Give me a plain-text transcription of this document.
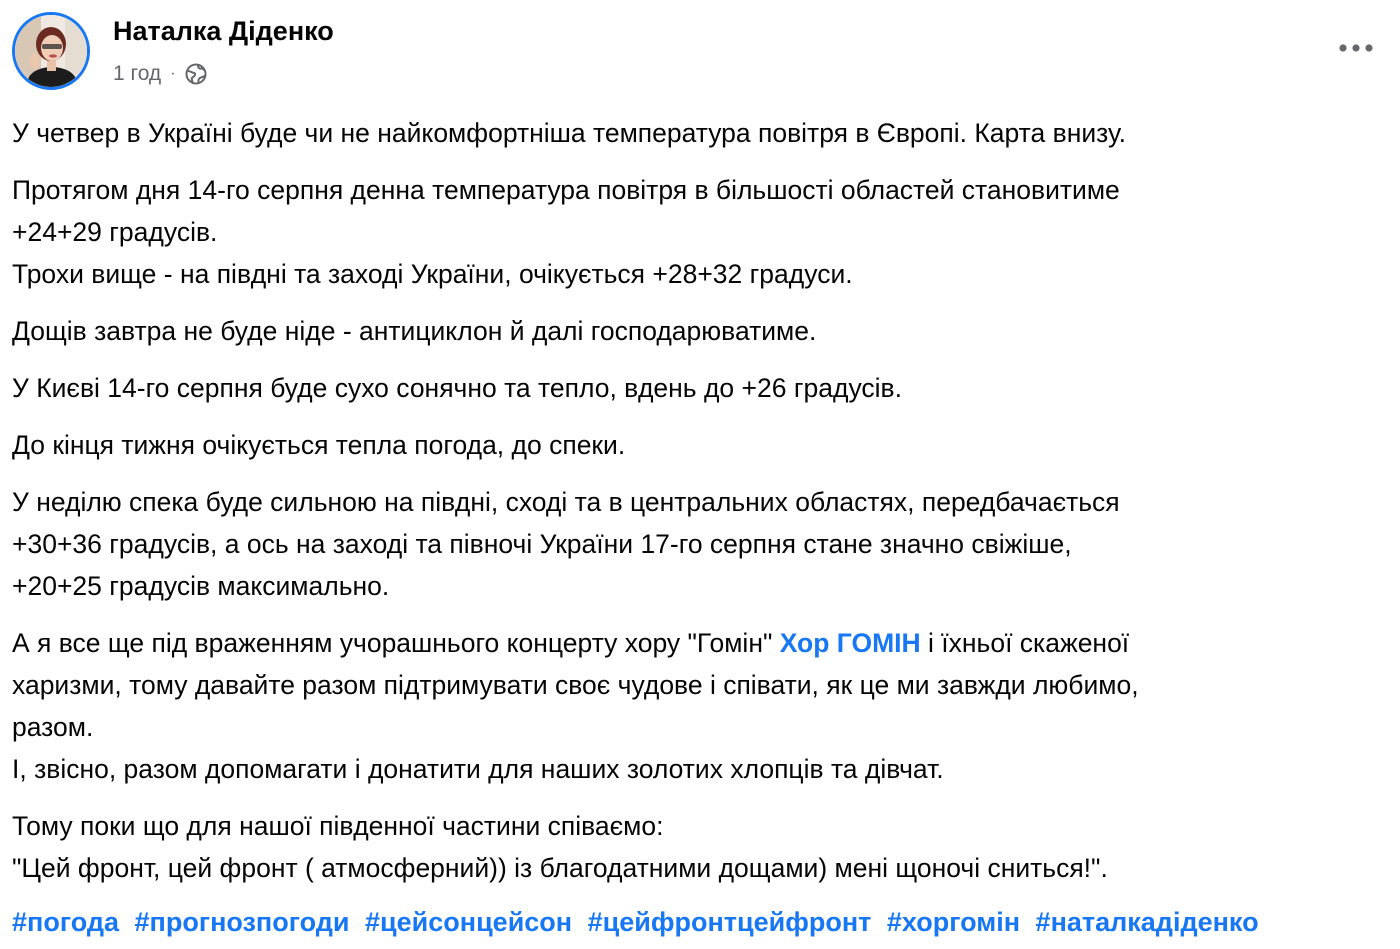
Наталка Діденко
1 год ·

У четвер в Україні буде чи не найкомфортніша температура повітря в Європі. Карта внизу.

Протягом дня 14-го серпня денна температура повітря в більшості областей становитиме
+24+29 градусів.
Трохи вище - на півдні та заході України, очікується +28+32 градуси.

Дощів завтра не буде ніде - антициклон й далі господарюватиме.

У Києві 14-го серпня буде сухо сонячно та тепло, вдень до +26 градусів.

До кінця тижня очікується тепла погода, до спеки.

У неділю спека буде сильною на півдні, сході та в центральних областях, передбачається
+30+36 градусів, а ось на заході та півночі України 17-го серпня стане значно свіжіше,
+20+25 градусів максимально.

А я все ще під враженням учорашнього концерту хору "Гомін" Хор ГОМІН і їхньої скаженої
харизми, тому давайте разом підтримувати своє чудове і співати, як це ми завжди любимо,
разом.
І, звісно, разом допомагати і донатити для наших золотих хлопців та дівчат.

Тому поки що для нашої південної частини співаємо:
"Цей фронт, цей фронт ( атмосферний)) із благодатними дощами) мені щоночі сниться!".

#погода #прогнозпогоди #цейсонцейсон #цейфронтцейфронт #хоргомін #наталкадіденко
